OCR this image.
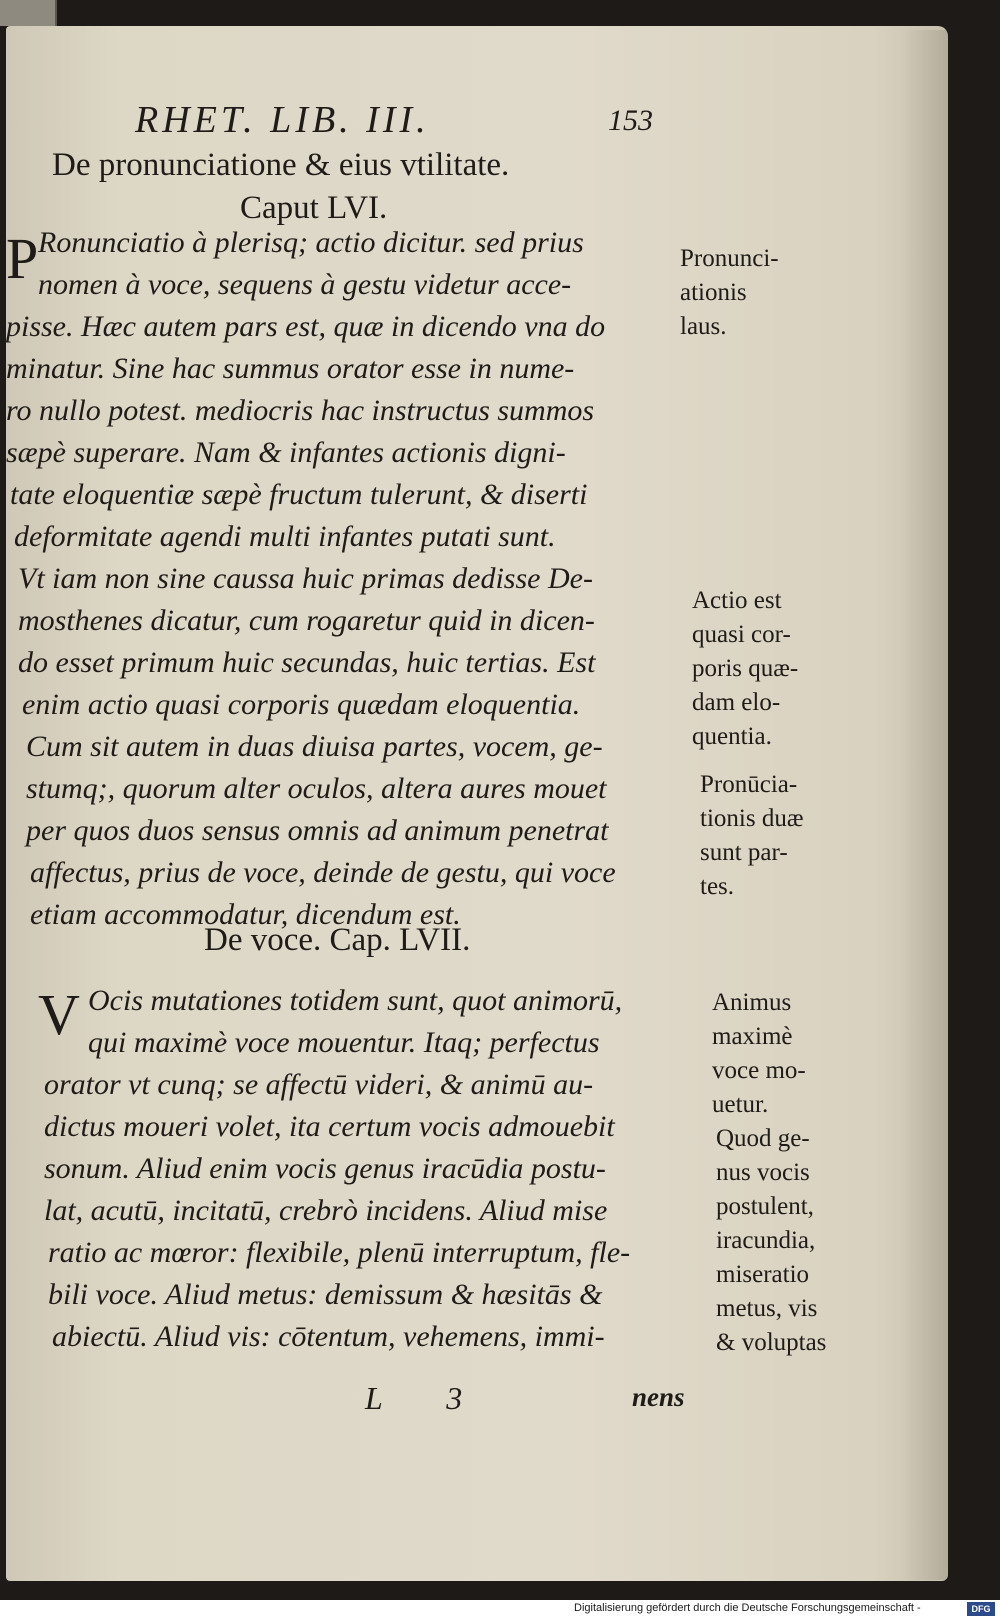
RHET. LIB. III.	153
De pronunciatione & eius vtilitate.
Caput LVI.
P Ronunciatio à plerisq; actio dicitur. sed prius
nomen à voce, sequens à gestu videtur acce-
pisse. Hæc autem pars est, quæ in dicendo vna do
minatur. Sine hac summus orator esse in nume-
ro nullo potest. mediocris hac instructus summos
sæpè superare. Nam & infantes actionis digni-
tate eloquentiæ sæpè fructum tulerunt, & diserti
deformitate agendi multi infantes putati sunt.
Vt iam non sine caussa huic primas dedisse De-
mosthenes dicatur, cum rogaretur quid in dicen-
do esset primum huic secundas, huic tertias. Est
enim actio quasi corporis quædam eloquentia.
Cum sit autem in duas diuisa partes, vocem, ge-
stumq;, quorum alter oculos, altera aures mouet
per quos duos sensus omnis ad animum penetrat
affectus, prius de voce, deinde de gestu, qui voce
etiam accommodatur, dicendum est.
Pronunci-
ationis
laus.
Actio est
quasi cor-
poris quæ-
dam elo-
quentia.
Pronūcia-
tionis duæ
sunt par-
tes.
De voce. Cap. LVII.
V Ocis mutationes totidem sunt, quot animorū,
qui maximè voce mouentur. Itaq; perfectus
orator vt cunq; se affectū videri, & animū au-
dictus moueri volet, ita certum vocis admouebit
sonum. Aliud enim vocis genus iracūdia postu-
lat, acutū, incitatū, crebrò incidens. Aliud mise
ratio ac mœror: flexibile, plenū interruptum, fle-
bili voce. Aliud metus: demissum & hæsitās &
abiectū. Aliud vis: cōtentum, vehemens, immi-
Animus
maximè
voce mo-
uetur.
Quod ge-
nus vocis
postulent,
iracundia,
miseratio
metus, vis
& voluptas
L 3	nens
Digitalisierung gefördert durch die Deutsche Forschungsgemeinschaft -	DFG
